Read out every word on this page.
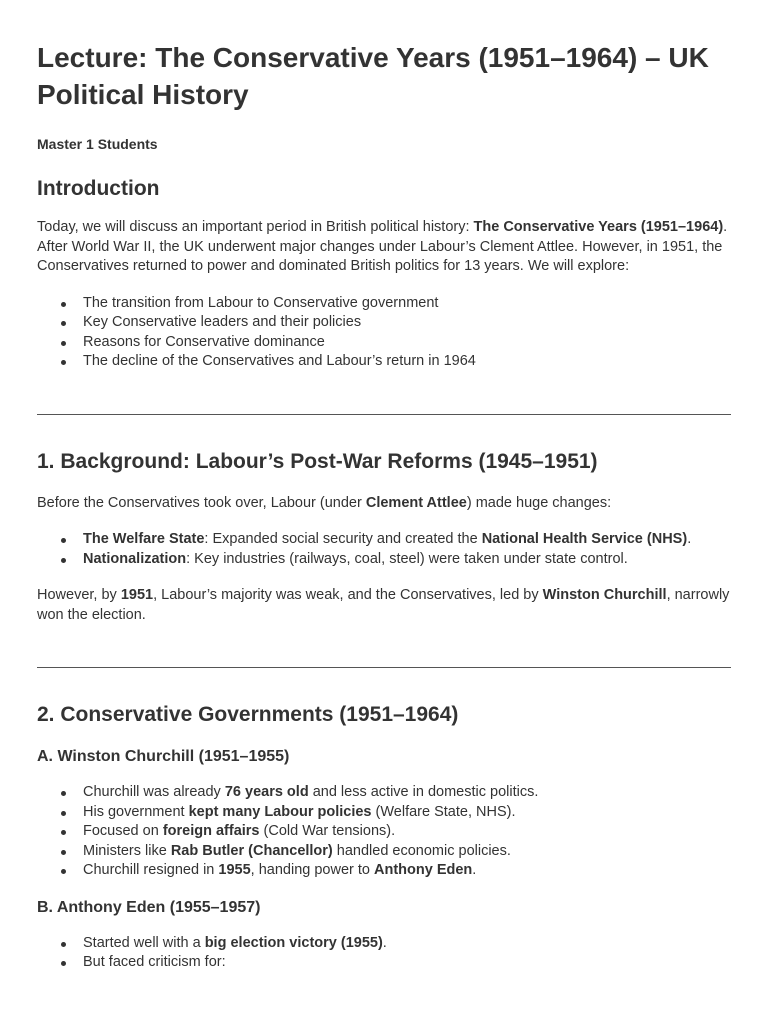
Lecture: The Conservative Years (1951–1964) – UK Political History
Master 1 Students
Introduction

Today, we will discuss an important period in British political history: The Conservative Years (1951–1964). After World War II, the UK underwent major changes under Labour’s Clement Attlee. However, in 1951, the Conservatives returned to power and dominated British politics for 13 years. We will explore:

The transition from Labour to Conservative government
Key Conservative leaders and their policies
Reasons for Conservative dominance
The decline of the Conservatives and Labour’s return in 1964
1. Background: Labour’s Post-War Reforms (1945–1951)

Before the Conservatives took over, Labour (under Clement Attlee) made huge changes:

The Welfare State: Expanded social security and created the National Health Service (NHS).
Nationalization: Key industries (railways, coal, steel) were taken under state control.

However, by 1951, Labour’s majority was weak, and the Conservatives, led by Winston Churchill, narrowly won the election.

2. Conservative Governments (1951–1964)
A. Winston Churchill (1951–1955)
Churchill was already 76 years old and less active in domestic politics.
His government kept many Labour policies (Welfare State, NHS).
Focused on foreign affairs (Cold War tensions).
Ministers like Rab Butler (Chancellor) handled economic policies.
Churchill resigned in 1955, handing power to Anthony Eden.
B. Anthony Eden (1955–1957)
Started well with a big election victory (1955).
But faced criticism for:
